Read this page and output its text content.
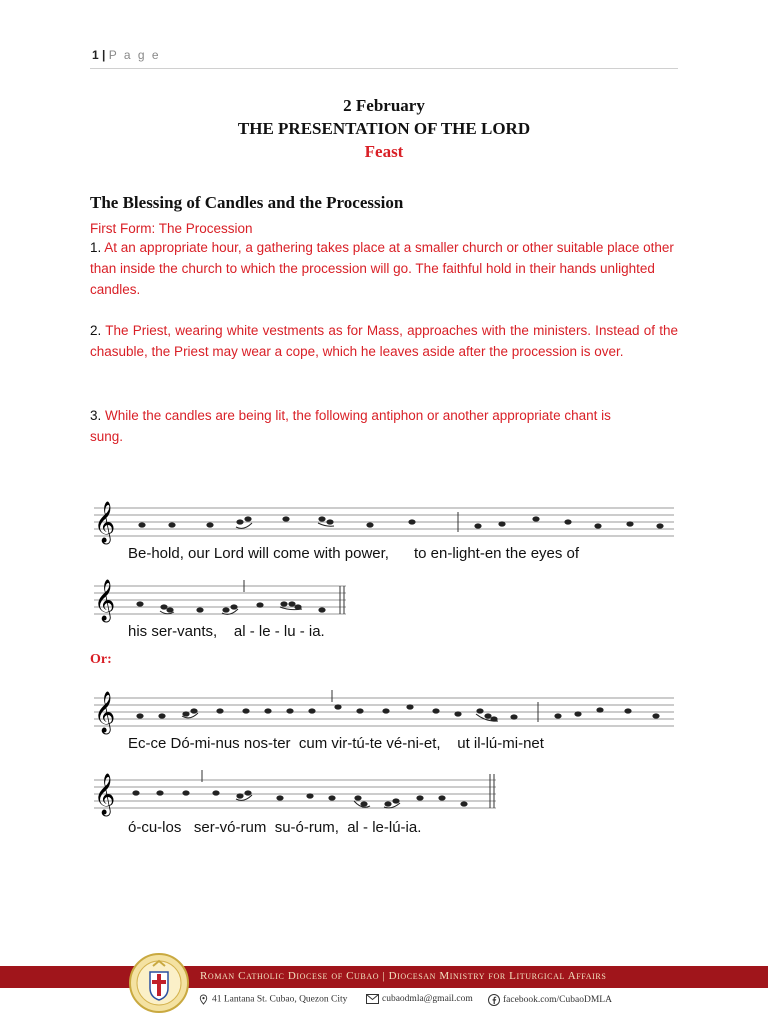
1 | P a g e
2 February
THE PRESENTATION OF THE LORD
Feast
The Blessing of Candles and the Procession
First Form: The Procession
1. At an appropriate hour, a gathering takes place at a smaller church or other suitable place other than inside the church to which the procession will go. The faithful hold in their hands unlighted candles.
2. The Priest, wearing white vestments as for Mass, approaches with the ministers. Instead of the chasuble, the Priest may wear a cope, which he leaves aside after the procession is over.
3. While the candles are being lit, the following antiphon or another appropriate chant is
sung.
𝄞
Be-hold, our Lord will come with power,      to en-light-en the eyes of
𝄞
his ser-vants,    al - le - lu - ia.
Or:
𝄞
Ec-ce Dó-mi-nus nos-ter  cum vir-tú-te vé-ni-et,    ut il-lú-mi-net
𝄞
ó-cu-los   ser-vó-rum  su-ó-rum,  al - le-lú-ia.
Roman Catholic Diocese of Cubao | Diocesan Ministry for Liturgical Affairs
41 Lantana St. Cubao, Quezon City	cubaodmla@gmail.com	facebook.com/CubaoDMLA
